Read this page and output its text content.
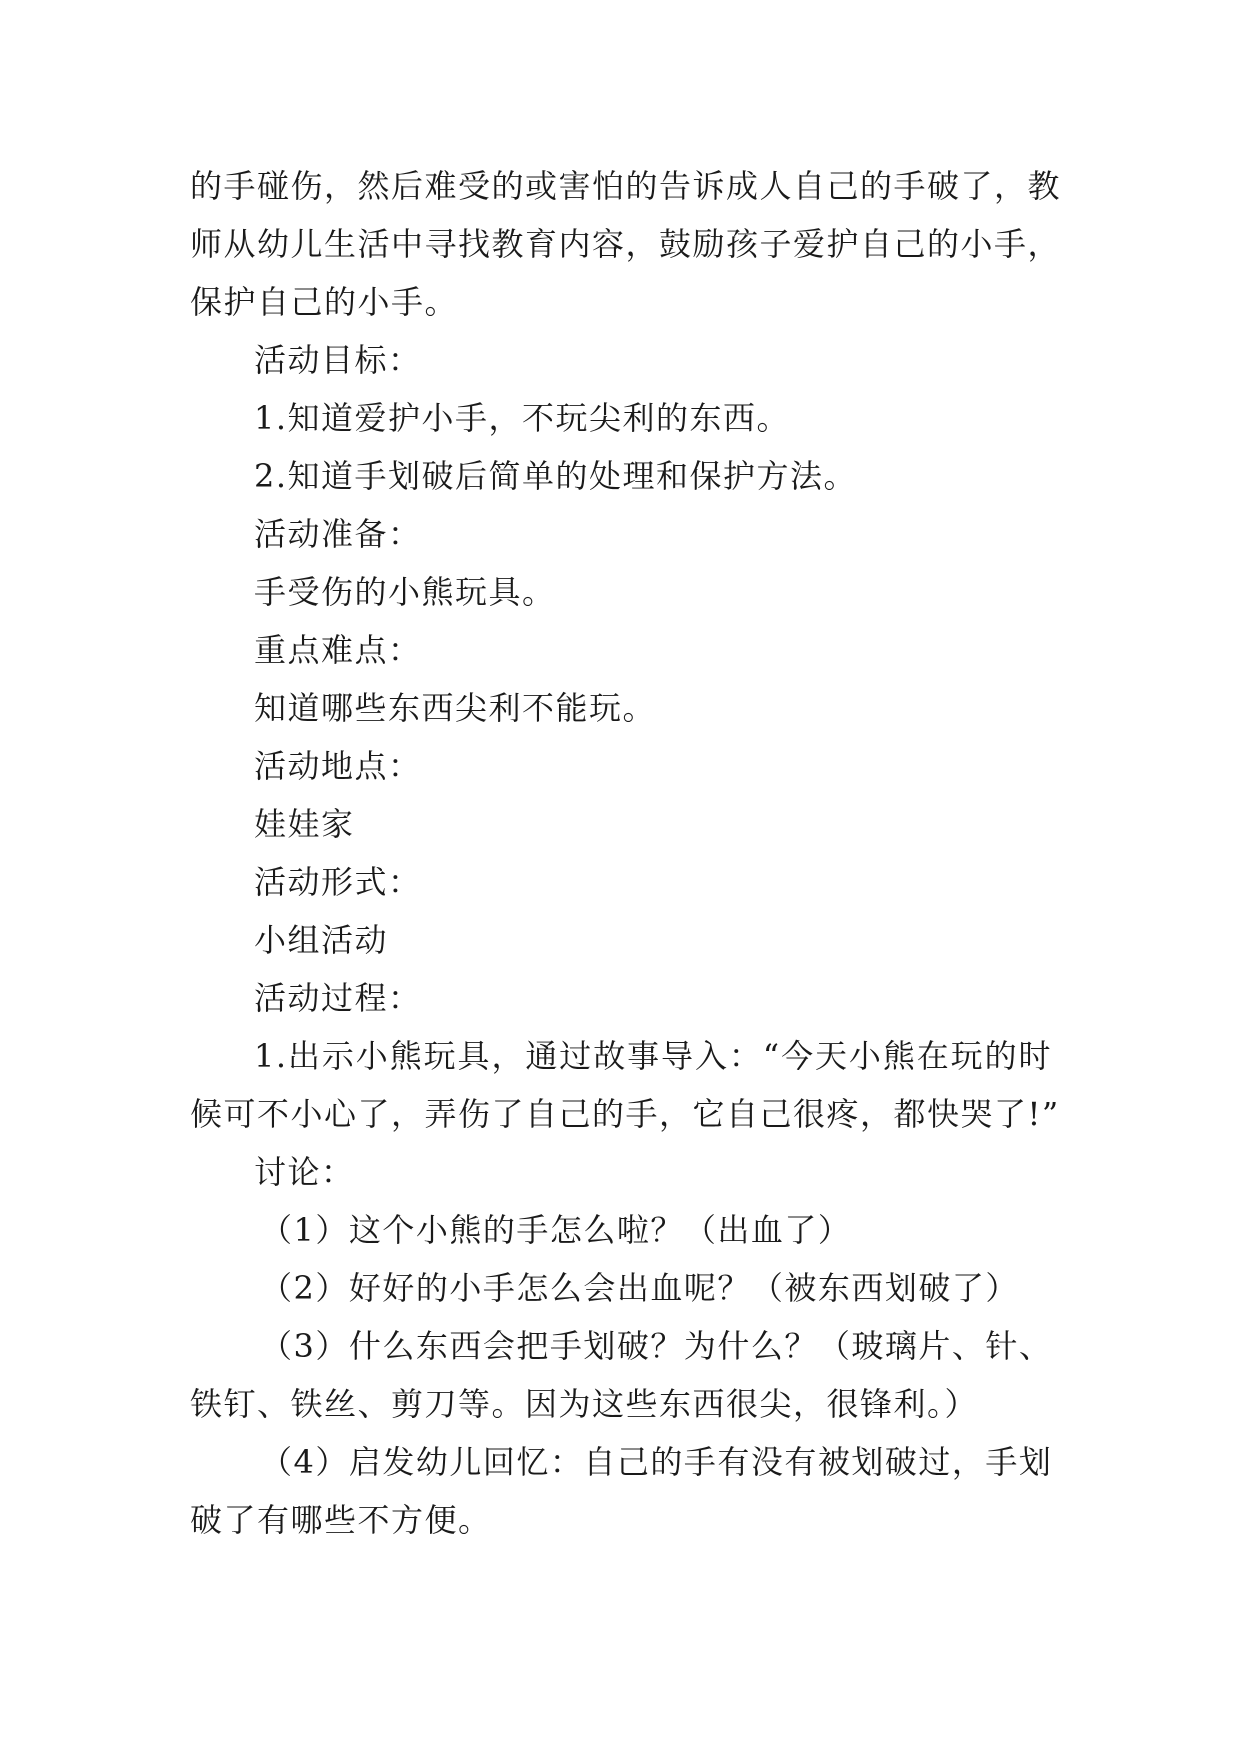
的手碰伤，然后难受的或害怕的告诉成人自己的手破了，教
师从幼儿生活中寻找教育内容，鼓励孩子爱护自己的小手，
保护自己的小手。
活动目标：
1.知道爱护小手，不玩尖利的东西。
2.知道手划破后简单的处理和保护方法。
活动准备：
手受伤的小熊玩具。
重点难点：
知道哪些东西尖利不能玩。
活动地点：
娃娃家
活动形式：
小组活动
活动过程：
1.出示小熊玩具，通过故事导入：“今天小熊在玩的时
候可不小心了，弄伤了自己的手，它自己很疼，都快哭了!”
讨论：
（1）这个小熊的手怎么啦？（出血了）
（2）好好的小手怎么会出血呢？（被东西划破了）
（3）什么东西会把手划破？为什么？（玻璃片、针、
铁钉、铁丝、剪刀等。因为这些东西很尖，很锋利。）
（4）启发幼儿回忆：自己的手有没有被划破过，手划
破了有哪些不方便。
